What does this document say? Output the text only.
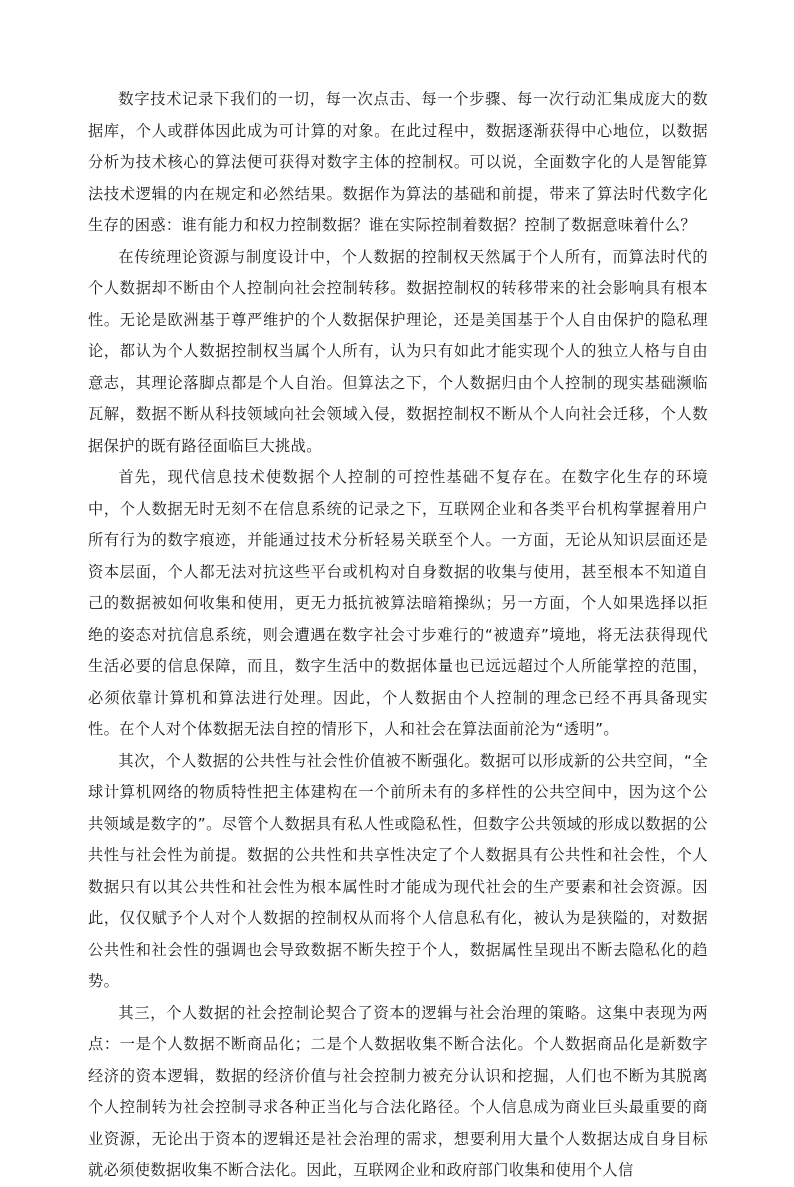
数字技术记录下我们的一切，每一次点击、每一个步骤、每一次行动汇集成庞大的数据库，个人或群体因此成为可计算的对象。在此过程中，数据逐渐获得中心地位，以数据分析为技术核心的算法便可获得对数字主体的控制权。可以说，全面数字化的人是智能算法技术逻辑的内在规定和必然结果。数据作为算法的基础和前提，带来了算法时代数字化生存的困惑：谁有能力和权力控制数据？谁在实际控制着数据？控制了数据意味着什么？

在传统理论资源与制度设计中，个人数据的控制权天然属于个人所有，而算法时代的个人数据却不断由个人控制向社会控制转移。数据控制权的转移带来的社会影响具有根本性。无论是欧洲基于尊严维护的个人数据保护理论，还是美国基于个人自由保护的隐私理论，都认为个人数据控制权当属个人所有，认为只有如此才能实现个人的独立人格与自由意志，其理论落脚点都是个人自治。但算法之下，个人数据归由个人控制的现实基础濒临瓦解，数据不断从科技领域向社会领域入侵，数据控制权不断从个人向社会迁移，个人数据保护的既有路径面临巨大挑战。

首先，现代信息技术使数据个人控制的可控性基础不复存在。在数字化生存的环境中，个人数据无时无刻不在信息系统的记录之下，互联网企业和各类平台机构掌握着用户所有行为的数字痕迹，并能通过技术分析轻易关联至个人。一方面，无论从知识层面还是资本层面，个人都无法对抗这些平台或机构对自身数据的收集与使用，甚至根本不知道自己的数据被如何收集和使用，更无力抵抗被算法暗箱操纵；另一方面，个人如果选择以拒绝的姿态对抗信息系统，则会遭遇在数字社会寸步难行的“被遗弃”境地，将无法获得现代生活必要的信息保障，而且，数字生活中的数据体量也已远远超过个人所能掌控的范围，必须依靠计算机和算法进行处理。因此，个人数据由个人控制的理念已经不再具备现实性。在个人对个体数据无法自控的情形下，人和社会在算法面前沦为“透明”。

其次，个人数据的公共性与社会性价值被不断强化。数据可以形成新的公共空间，“全球计算机网络的物质特性把主体建构在一个前所未有的多样性的公共空间中，因为这个公共领域是数字的”。尽管个人数据具有私人性或隐私性，但数字公共领域的形成以数据的公共性与社会性为前提。数据的公共性和共享性决定了个人数据具有公共性和社会性，个人数据只有以其公共性和社会性为根本属性时才能成为现代社会的生产要素和社会资源。因此，仅仅赋予个人对个人数据的控制权从而将个人信息私有化，被认为是狭隘的，对数据公共性和社会性的强调也会导致数据不断失控于个人，数据属性呈现出不断去隐私化的趋势。

其三，个人数据的社会控制论契合了资本的逻辑与社会治理的策略。这集中表现为两点：一是个人数据不断商品化；二是个人数据收集不断合法化。个人数据商品化是新数字经济的资本逻辑，数据的经济价值与社会控制力被充分认识和挖掘，人们也不断为其脱离个人控制转为社会控制寻求各种正当化与合法化路径。个人信息成为商业巨头最重要的商业资源，无论出于资本的逻辑还是社会治理的需求，想要利用大量个人数据达成自身目标就必须使数据收集不断合法化。因此，互联网企业和政府部门收集和使用个人信
